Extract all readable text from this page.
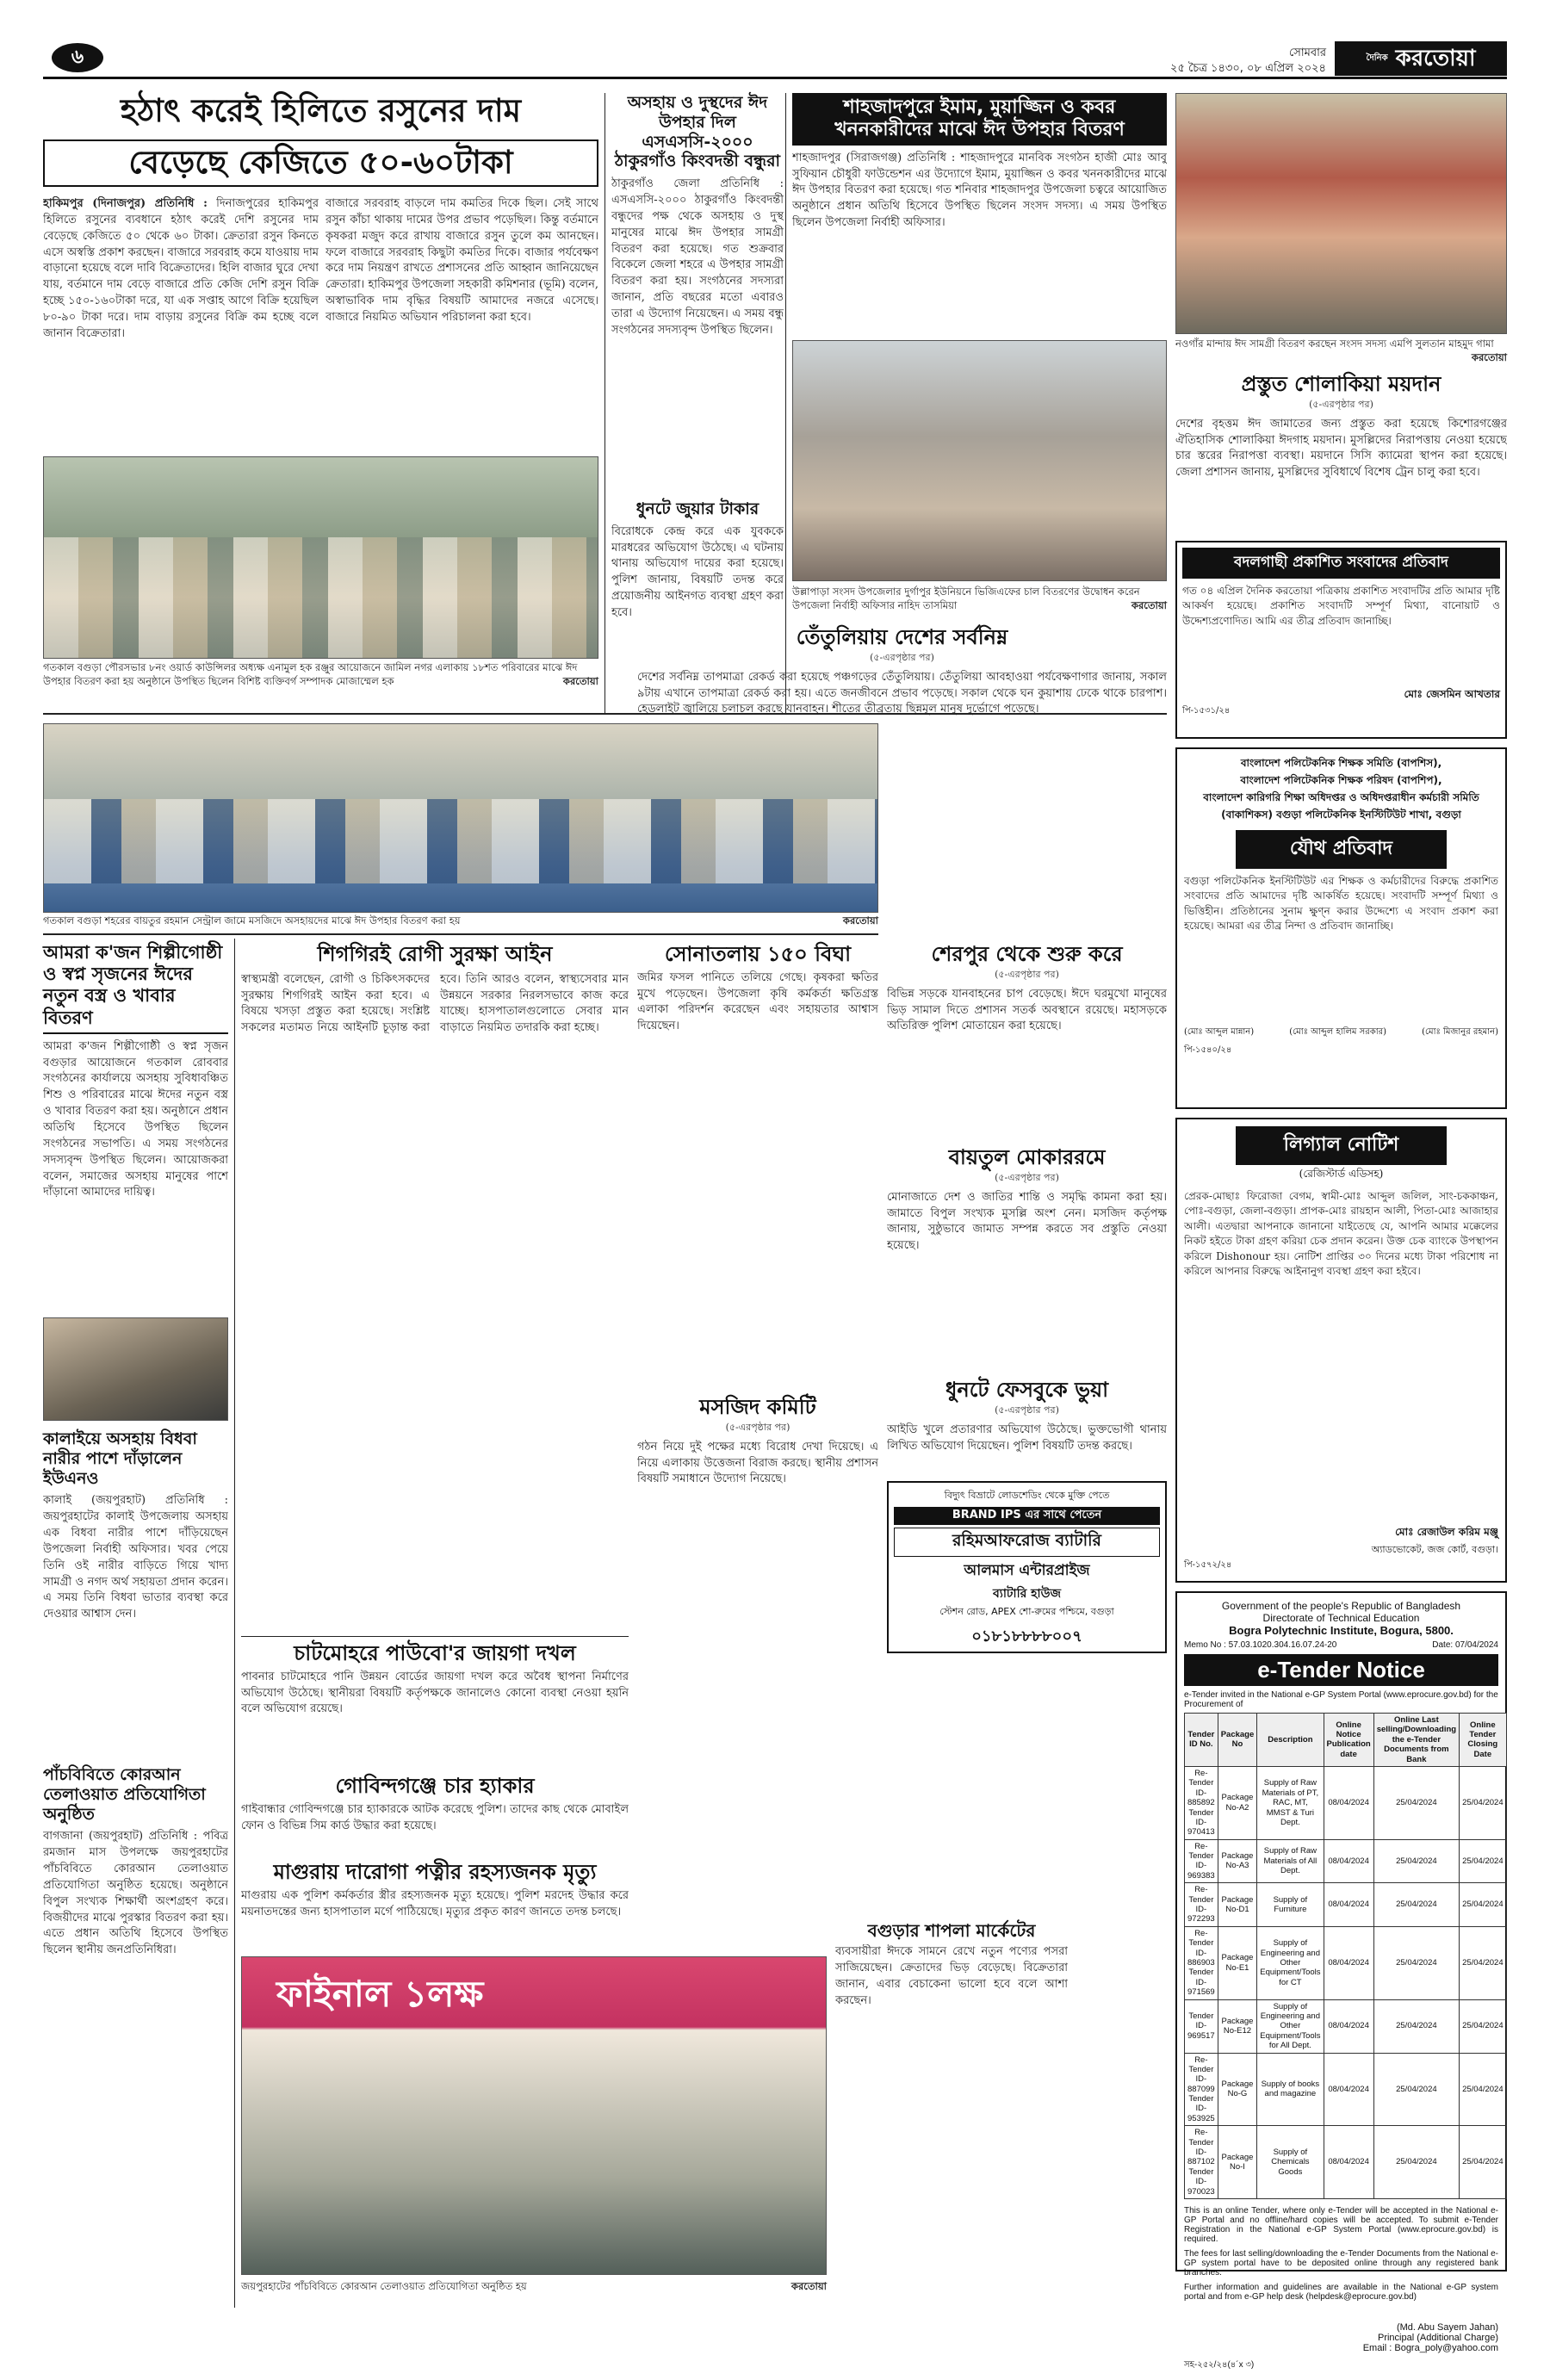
৬	সোমবার
২৫ চৈত্র ১৪৩০, ০৮ এপ্রিল ২০২৪
$^{দৈনিক}$ করতোয়া
হঠাৎ করেই হিলিতে রসুনের দাম
বেড়েছে কেজিতে ৫০-৬০টাকা
হাকিমপুর (দিনাজপুর) প্রতিনিধি : দিনাজপুরের হাকিমপুর হিলিতে রসুনের ব্যবধানে হঠাৎ করেই দেশি রসুনের দাম বেড়েছে কেজিতে ৫০ থেকে ৬০ টাকা। ক্রেতারা রসুন কিনতে এসে অস্বস্তি প্রকাশ করছেন। বাজারে সরবরাহ কমে যাওয়ায় দাম বাড়ানো হয়েছে বলে দাবি বিক্রেতাদের। হিলি বাজার ঘুরে দেখা যায়, বর্তমানে দাম বেড়ে বাজারে প্রতি কেজি দেশি রসুন বিক্রি হচ্ছে ১৫০-১৬০টাকা দরে, যা এক সপ্তাহ আগে বিক্রি হয়েছিল ৮০-৯০ টাকা দরে। দাম বাড়ায় রসুনের বিক্রি কম হচ্ছে বলে জানান বিক্রেতারা।
বাজারে সরবরাহ বাড়লে দাম কমতির দিকে ছিল। সেই সাথে রসুন কাঁচা থাকায় দামের উপর প্রভাব পড়েছিল। কিন্তু বর্তমানে কৃষকরা মজুদ করে রাখায় বাজারে রসুন তুলে কম আনছেন। ফলে বাজারে সরবরাহ কিছুটা কমতির দিকে। বাজার পর্যবেক্ষণ করে দাম নিয়ন্ত্রণ রাখতে প্রশাসনের প্রতি আহ্বান জানিয়েছেন ক্রেতারা। হাকিমপুর উপজেলা সহকারী কমিশনার (ভূমি) বলেন, অস্বাভাবিক দাম বৃদ্ধির বিষয়টি আমাদের নজরে এসেছে। বাজারে নিয়মিত অভিযান পরিচালনা করা হবে।
গতকাল বগুড়া পৌরসভার ৮নং ওয়ার্ড কাউন্সিলর অধ্যক্ষ এনামুল হক রঞ্জুর আয়োজনে জামিল নগর এলাকায় ১৮শত পরিবারের মাঝে ঈদ উপহার বিতরণ করা হয় অনুষ্ঠানে উপস্থিত ছিলেন বিশিষ্ট ব্যক্তিবর্গ সম্পাদক মোজাম্মেল হক	করতোয়া
গতকাল বগুড়া শহরের বায়তুর রহমান সেন্ট্রাল জামে মসজিদে অসহায়দের মাঝে ঈদ উপহার বিতরণ করা হয়	করতোয়া
আমরা ক'জন শিল্পীগোষ্ঠী ও স্বপ্ন সৃজনের ঈদের নতুন বস্ত্র ও খাবার বিতরণ
আমরা ক'জন শিল্পীগোষ্ঠী ও স্বপ্ন সৃজন বগুড়ার আয়োজনে গতকাল রোববার সংগঠনের কার্যালয়ে অসহায় সুবিধাবঞ্চিত শিশু ও পরিবারের মাঝে ঈদের নতুন বস্ত্র ও খাবার বিতরণ করা হয়। অনুষ্ঠানে প্রধান অতিথি হিসেবে উপস্থিত ছিলেন সংগঠনের সভাপতি। এ সময় সংগঠনের সদস্যবৃন্দ উপস্থিত ছিলেন। আয়োজকরা বলেন, সমাজের অসহায় মানুষের পাশে দাঁড়ানো আমাদের দায়িত্ব।
কালাইয়ে অসহায় বিধবা নারীর পাশে দাঁড়ালেন ইউএনও
কালাই (জয়পুরহাট) প্রতিনিধি : জয়পুরহাটের কালাই উপজেলায় অসহায় এক বিধবা নারীর পাশে দাঁড়িয়েছেন উপজেলা নির্বাহী অফিসার। খবর পেয়ে তিনি ওই নারীর বাড়িতে গিয়ে খাদ্য সামগ্রী ও নগদ অর্থ সহায়তা প্রদান করেন। এ সময় তিনি বিধবা ভাতার ব্যবস্থা করে দেওয়ার আশ্বাস দেন।
পাঁচবিবিতে কোরআন তেলাওয়াত প্রতিযোগিতা অনুষ্ঠিত
বাগজানা (জয়পুরহাট) প্রতিনিধি : পবিত্র রমজান মাস উপলক্ষে জয়পুরহাটের পাঁচবিবিতে কোরআন তেলাওয়াত প্রতিযোগিতা অনুষ্ঠিত হয়েছে। অনুষ্ঠানে বিপুল সংখ্যক শিক্ষার্থী অংশগ্রহণ করে। বিজয়ীদের মাঝে পুরস্কার বিতরণ করা হয়। এতে প্রধান অতিথি হিসেবে উপস্থিত ছিলেন স্থানীয় জনপ্রতিনিধিরা।
শিগগিরই রোগী সুরক্ষা আইন
স্বাস্থ্যমন্ত্রী বলেছেন, রোগী ও চিকিৎসকদের সুরক্ষায় শিগগিরই আইন করা হবে। এ বিষয়ে খসড়া প্রস্তুত করা হয়েছে। সংশ্লিষ্ট সকলের মতামত নিয়ে আইনটি চূড়ান্ত করা হবে। তিনি আরও বলেন, স্বাস্থ্যসেবার মান উন্নয়নে সরকার নিরলসভাবে কাজ করে যাচ্ছে। হাসপাতালগুলোতে সেবার মান বাড়াতে নিয়মিত তদারকি করা হচ্ছে।
চাটমোহরে পাউবো'র জায়গা দখল
পাবনার চাটমোহরে পানি উন্নয়ন বোর্ডের জায়গা দখল করে অবৈধ স্থাপনা নির্মাণের অভিযোগ উঠেছে। স্থানীয়রা বিষয়টি কর্তৃপক্ষকে জানালেও কোনো ব্যবস্থা নেওয়া হয়নি বলে অভিযোগ রয়েছে।
গোবিন্দগঞ্জে চার হ্যাকার
গাইবান্ধার গোবিন্দগঞ্জে চার হ্যাকারকে আটক করেছে পুলিশ। তাদের কাছ থেকে মোবাইল ফোন ও বিভিন্ন সিম কার্ড উদ্ধার করা হয়েছে।
মাগুরায় দারোগা পত্নীর রহস্যজনক মৃত্যু
মাগুরায় এক পুলিশ কর্মকর্তার স্ত্রীর রহস্যজনক মৃত্যু হয়েছে। পুলিশ মরদেহ উদ্ধার করে ময়নাতদন্তের জন্য হাসপাতাল মর্গে পাঠিয়েছে। মৃত্যুর প্রকৃত কারণ জানতে তদন্ত চলছে।
ফাইনাল ১লক্ষ
জয়পুরহাটের পাঁচবিবিতে কোরআন তেলাওয়াত প্রতিযোগিতা অনুষ্ঠিত হয়	করতোয়া
অসহায় ও দুস্থদের ঈদ উপহার দিল এসএসসি-২০০০ ঠাকুরগাঁও কিংবদন্তী বন্ধুরা
ঠাকুরগাঁও জেলা প্রতিনিধি : এসএসসি-২০০০ ঠাকুরগাঁও কিংবদন্তী বন্ধুদের পক্ষ থেকে অসহায় ও দুস্থ মানুষের মাঝে ঈদ উপহার সামগ্রী বিতরণ করা হয়েছে। গত শুক্রবার বিকেলে জেলা শহরে এ উপহার সামগ্রী বিতরণ করা হয়। সংগঠনের সদস্যরা জানান, প্রতি বছরের মতো এবারও তারা এ উদ্যোগ নিয়েছেন। এ সময় বন্ধু সংগঠনের সদস্যবৃন্দ উপস্থিত ছিলেন।
ধুনটে জুয়ার টাকার
বিরোধকে কেন্দ্র করে এক যুবককে মারধরের অভিযোগ উঠেছে। এ ঘটনায় থানায় অভিযোগ দায়ের করা হয়েছে। পুলিশ জানায়, বিষয়টি তদন্ত করে প্রয়োজনীয় আইনগত ব্যবস্থা গ্রহণ করা হবে।
শাহজাদপুরে ইমাম, মুয়াজ্জিন ও কবর খননকারীদের মাঝে ঈদ উপহার বিতরণ
শাহজাদপুর (সিরাজগঞ্জ) প্রতিনিধি : শাহজাদপুরে মানবিক সংগঠন হাজী মোঃ আবু সুফিয়ান চৌধুরী ফাউন্ডেশন এর উদ্যোগে ইমাম, মুয়াজ্জিন ও কবর খননকারীদের মাঝে ঈদ উপহার বিতরণ করা হয়েছে। গত শনিবার শাহজাদপুর উপজেলা চত্বরে আয়োজিত অনুষ্ঠানে প্রধান অতিথি হিসেবে উপস্থিত ছিলেন সংসদ সদস্য। এ সময় উপস্থিত ছিলেন উপজেলা নির্বাহী অফিসার।
উল্লাপাড়া সংসদ উপজেলার দুর্গাপুর ইউনিয়নে ভিজিএফের চাল বিতরণের উদ্বোধন করেন উপজেলা নির্বাহী অফিসার নাহিদ তাসমিয়া	করতোয়া
তেঁতুলিয়ায় দেশের সর্বনিম্ন
(৫-এরপৃষ্ঠার পর)
দেশের সর্বনিম্ন তাপমাত্রা রেকর্ড করা হয়েছে পঞ্চগড়ের তেঁতুলিয়ায়। তেঁতুলিয়া আবহাওয়া পর্যবেক্ষণাগার জানায়, সকাল ৯টায় এখানে তাপমাত্রা রেকর্ড করা হয়। এতে জনজীবনে প্রভাব পড়েছে। সকাল থেকে ঘন কুয়াশায় ঢেকে থাকে চারপাশ। হেডলাইট জ্বালিয়ে চলাচল করছে যানবাহন। শীতের তীব্রতায় ছিন্নমূল মানুষ দুর্ভোগে পড়েছে।
শেরপুর থেকে শুরু করে
(৫-এরপৃষ্ঠার পর)
বিভিন্ন সড়কে যানবাহনের চাপ বেড়েছে। ঈদে ঘরমুখো মানুষের ভিড় সামাল দিতে প্রশাসন সতর্ক অবস্থানে রয়েছে। মহাসড়কে অতিরিক্ত পুলিশ মোতায়েন করা হয়েছে।
বায়তুল মোকাররমে
(৫-এরপৃষ্ঠার পর)
মোনাজাতে দেশ ও জাতির শান্তি ও সমৃদ্ধি কামনা করা হয়। জামাতে বিপুল সংখ্যক মুসল্লি অংশ নেন। মসজিদ কর্তৃপক্ষ জানায়, সুষ্ঠুভাবে জামাত সম্পন্ন করতে সব প্রস্তুতি নেওয়া হয়েছে।
ধুনটে ফেসবুকে ভুয়া
(৫-এরপৃষ্ঠার পর)
আইডি খুলে প্রতারণার অভিযোগ উঠেছে। ভুক্তভোগী থানায় লিখিত অভিযোগ দিয়েছেন। পুলিশ বিষয়টি তদন্ত করছে।
সোনাতলায় ১৫০ বিঘা
জমির ফসল পানিতে তলিয়ে গেছে। কৃষকরা ক্ষতির মুখে পড়েছেন। উপজেলা কৃষি কর্মকর্তা ক্ষতিগ্রস্ত এলাকা পরিদর্শন করেছেন এবং সহায়তার আশ্বাস দিয়েছেন।
মসজিদ কমিটি
(৫-এরপৃষ্ঠার পর)
গঠন নিয়ে দুই পক্ষের মধ্যে বিরোধ দেখা দিয়েছে। এ নিয়ে এলাকায় উত্তেজনা বিরাজ করছে। স্থানীয় প্রশাসন বিষয়টি সমাধানে উদ্যোগ নিয়েছে।
বগুড়ার শাপলা মার্কেটের
ব্যবসায়ীরা ঈদকে সামনে রেখে নতুন পণ্যের পসরা সাজিয়েছেন। ক্রেতাদের ভিড় বেড়েছে। বিক্রেতারা জানান, এবার বেচাকেনা ভালো হবে বলে আশা করছেন।
বিদ্যুৎ বিভ্রাটে লোডশেডিং থেকে মুক্তি পেতে
BRAND IPS এর সাথে পেতেন
রহিমআফরোজ ব্যাটারি
আলমাস এন্টারপ্রাইজ
ব্যাটারি হাউজ
স্টেশন রোড, APEX শো-রুমের পশ্চিমে, বগুড়া
০১৮১৮৮৮৮০০৭
নওগাঁর মান্দায় ঈদ সামগ্রী বিতরণ করছেন সংসদ সদস্য এমপি সুলতান মাহমুদ গামা
করতোয়া
প্রস্তুত শোলাকিয়া ময়দান
(৫-এরপৃষ্ঠার পর)
দেশের বৃহত্তম ঈদ জামাতের জন্য প্রস্তুত করা হয়েছে কিশোরগঞ্জের ঐতিহাসিক শোলাকিয়া ঈদগাহ ময়দান। মুসল্লিদের নিরাপত্তায় নেওয়া হয়েছে চার স্তরের নিরাপত্তা ব্যবস্থা। ময়দানে সিসি ক্যামেরা স্থাপন করা হয়েছে। জেলা প্রশাসন জানায়, মুসল্লিদের সুবিধার্থে বিশেষ ট্রেন চালু করা হবে।
বদলগাছী প্রকাশিত সংবাদের প্রতিবাদ
গত ০৪ এপ্রিল দৈনিক করতোয়া পত্রিকায় প্রকাশিত সংবাদটির প্রতি আমার দৃষ্টি আকর্ষণ হয়েছে। প্রকাশিত সংবাদটি সম্পূর্ণ মিথ্যা, বানোয়াট ও উদ্দেশ্যপ্রণোদিত। আমি এর তীব্র প্রতিবাদ জানাচ্ছি।
মোঃ জেসমিন আখতার
পি-১৫৩১/২৪
বাংলাদেশ পলিটেকনিক শিক্ষক সমিতি (বাপশিস),
বাংলাদেশ পলিটেকনিক শিক্ষক পরিষদ (বাপশিপ),
বাংলাদেশ কারিগরি শিক্ষা অধিদপ্তর ও অধিদপ্তরাধীন কর্মচারী সমিতি (বাকাশিকস) বগুড়া পলিটেকনিক ইনস্টিটিউট শাখা, বগুড়া
যৌথ প্রতিবাদ
বগুড়া পলিটেকনিক ইনস্টিটিউট এর শিক্ষক ও কর্মচারীদের বিরুদ্ধে প্রকাশিত সংবাদের প্রতি আমাদের দৃষ্টি আকর্ষিত হয়েছে। সংবাদটি সম্পূর্ণ মিথ্যা ও ভিত্তিহীন। প্রতিষ্ঠানের সুনাম ক্ষুণ্ন করার উদ্দেশ্যে এ সংবাদ প্রকাশ করা হয়েছে। আমরা এর তীব্র নিন্দা ও প্রতিবাদ জানাচ্ছি।
(মোঃ আব্দুল মান্নান)	(মোঃ আব্দুল হালিম সরকার)	(মোঃ মিজানুর রহমান)
পি-১৫৪০/২৪
লিগ্যাল নোটিশ
(রেজিস্টার্ড এডিসহ)
প্রেরক-মোছাঃ ফিরোজা বেগম, স্বামী-মোঃ আব্দুল জলিল, সাং-চককাঞ্চন, পোঃ-বগুড়া, জেলা-বগুড়া। প্রাপক-মোঃ রায়হান আলী, পিতা-মোঃ আজাহার আলী। এতদ্বারা আপনাকে জানানো যাইতেছে যে, আপনি আমার মক্কেলের নিকট হইতে টাকা গ্রহণ করিয়া চেক প্রদান করেন। উক্ত চেক ব্যাংকে উপস্থাপন করিলে Dishonour হয়। নোটিশ প্রাপ্তির ৩০ দিনের মধ্যে টাকা পরিশোধ না করিলে আপনার বিরুদ্ধে আইনানুগ ব্যবস্থা গ্রহণ করা হইবে।
মোঃ রেজাউল করিম মঞ্জু
অ্যাডভোকেট, জজ কোর্ট, বগুড়া।
পি-১৫৭২/২৪
Government of the people's Republic of Bangladesh
Directorate of Technical Education
Bogra Polytechnic Institute, Bogura, 5800.
Memo No : 57.03.1020.304.16.07.24-20	Date: 07/04/2024
e-Tender Notice
e-Tender invited in the National e-GP System Portal (www.eprocure.gov.bd) for the Procurement of
Tender ID No.	Package No	Description	Online Notice Publication date	Online Last selling/Downloading the e-Tender Documents from Bank	Online Tender Closing Date
Re-Tender ID-885892 Tender ID-970413	Package No-A2	Supply of Raw Materials of PT, RAC, MT, MMST & Turi Dept.	08/04/2024	25/04/2024	25/04/2024
Re-Tender ID-969383	Package No-A3	Supply of Raw Materials of All Dept.	08/04/2024	25/04/2024	25/04/2024
Re-Tender ID-972293	Package No-D1	Supply of Furniture	08/04/2024	25/04/2024	25/04/2024
Re-Tender ID-886903 Tender ID-971569	Package No-E1	Supply of Engineering and Other Equipment/Tools for CT	08/04/2024	25/04/2024	25/04/2024
Tender ID-969517	Package No-E12	Supply of Engineering and Other Equipment/Tools for All Dept.	08/04/2024	25/04/2024	25/04/2024
Re-Tender ID-887099 Tender ID-953925	Package No-G	Supply of books and magazine	08/04/2024	25/04/2024	25/04/2024
Re-Tender ID-887102 Tender ID-970023	Package No-I	Supply of Chemicals Goods	08/04/2024	25/04/2024	25/04/2024
This is an online Tender, where only e-Tender will be accepted in the National e-GP Portal and no offline/hard copies will be accepted. To submit e-Tender Registration in the National e-GP System Portal (www.eprocure.gov.bd) is required.
The fees for last selling/downloading the e-Tender Documents from the National e-GP system portal have to be deposited online through any registered bank branches.
Further information and guidelines are available in the National e-GP system portal and from e-GP help desk (helpdesk@eprocure.gov.bd)
(Md. Abu Sayem Jahan)
Principal (Additional Charge)
Email : Bogra_poly@yahoo.com
সহ-২৫২/২৪(৪´x ৩)
